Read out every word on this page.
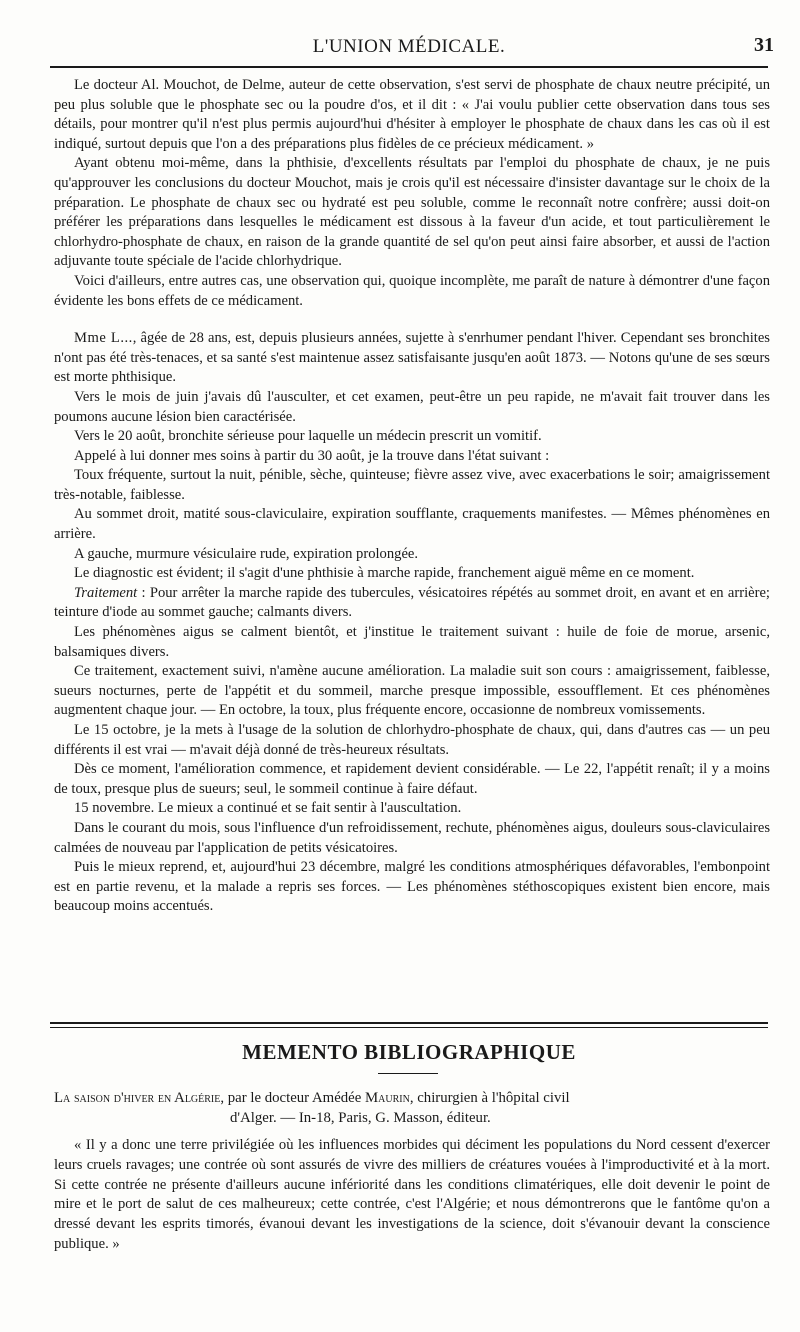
L'UNION MÉDICALE.	31

Le docteur Al. Mouchot, de Delme, auteur de cette observation, s'est servi de phosphate de chaux neutre précipité, un peu plus soluble que le phosphate sec ou la poudre d'os, et il dit : « J'ai voulu publier cette observation dans tous ses détails, pour montrer qu'il n'est plus permis aujourd'hui d'hésiter à employer le phosphate de chaux dans les cas où il est indiqué, surtout depuis que l'on a des préparations plus fidèles de ce précieux médicament. »

Ayant obtenu moi-même, dans la phthisie, d'excellents résultats par l'emploi du phosphate de chaux, je ne puis qu'approuver les conclusions du docteur Mouchot, mais je crois qu'il est nécessaire d'insister davantage sur le choix de la préparation. Le phosphate de chaux sec ou hydraté est peu soluble, comme le reconnaît notre confrère; aussi doit-on préférer les préparations dans lesquelles le médicament est dissous à la faveur d'un acide, et tout particulièrement le chlorhydro-phosphate de chaux, en raison de la grande quantité de sel qu'on peut ainsi faire absorber, et aussi de l'action adjuvante toute spéciale de l'acide chlorhydrique.

Voici d'ailleurs, entre autres cas, une observation qui, quoique incomplète, me paraît de nature à démontrer d'une façon évidente les bons effets de ce médicament.

Mme L..., âgée de 28 ans, est, depuis plusieurs années, sujette à s'enrhumer pendant l'hiver. Cependant ses bronchites n'ont pas été très-tenaces, et sa santé s'est maintenue assez satisfaisante jusqu'en août 1873. — Notons qu'une de ses sœurs est morte phthisique.

Vers le mois de juin j'avais dû l'ausculter, et cet examen, peut-être un peu rapide, ne m'avait fait trouver dans les poumons aucune lésion bien caractérisée.

Vers le 20 août, bronchite sérieuse pour laquelle un médecin prescrit un vomitif.

Appelé à lui donner mes soins à partir du 30 août, je la trouve dans l'état suivant :

Toux fréquente, surtout la nuit, pénible, sèche, quinteuse; fièvre assez vive, avec exacerbations le soir; amaigrissement très-notable, faiblesse.

Au sommet droit, matité sous-claviculaire, expiration soufflante, craquements manifestes. — Mêmes phénomènes en arrière.

A gauche, murmure vésiculaire rude, expiration prolongée.

Le diagnostic est évident; il s'agit d'une phthisie à marche rapide, franchement aiguë même en ce moment.

Traitement : Pour arrêter la marche rapide des tubercules, vésicatoires répétés au sommet droit, en avant et en arrière; teinture d'iode au sommet gauche; calmants divers.

Les phénomènes aigus se calment bientôt, et j'institue le traitement suivant : huile de foie de morue, arsenic, balsamiques divers.

Ce traitement, exactement suivi, n'amène aucune amélioration. La maladie suit son cours : amaigrissement, faiblesse, sueurs nocturnes, perte de l'appétit et du sommeil, marche presque impossible, essoufflement. Et ces phénomènes augmentent chaque jour. — En octobre, la toux, plus fréquente encore, occasionne de nombreux vomissements.

Le 15 octobre, je la mets à l'usage de la solution de chlorhydro-phosphate de chaux, qui, dans d'autres cas — un peu différents il est vrai — m'avait déjà donné de très-heureux résultats.

Dès ce moment, l'amélioration commence, et rapidement devient considérable. — Le 22, l'appétit renaît; il y a moins de toux, presque plus de sueurs; seul, le sommeil continue à faire défaut.

15 novembre. Le mieux a continué et se fait sentir à l'auscultation.

Dans le courant du mois, sous l'influence d'un refroidissement, rechute, phénomènes aigus, douleurs sous-claviculaires calmées de nouveau par l'application de petits vésicatoires.

Puis le mieux reprend, et, aujourd'hui 23 décembre, malgré les conditions atmosphériques défavorables, l'embonpoint est en partie revenu, et la malade a repris ses forces. — Les phénomènes stéthoscopiques existent bien encore, mais beaucoup moins accentués.

MEMENTO BIBLIOGRAPHIQUE
La saison d'hiver en Algérie, par le docteur Amédée Maurin, chirurgien à l'hôpital civil
d'Alger. — In-18, Paris, G. Masson, éditeur.

« Il y a donc une terre privilégiée où les influences morbides qui déciment les populations du Nord cessent d'exercer leurs cruels ravages; une contrée où sont assurés de vivre des milliers de créatures vouées à l'improductivité et à la mort. Si cette contrée ne présente d'ailleurs aucune infériorité dans les conditions climatériques, elle doit devenir le point de mire et le port de salut de ces malheureux; cette contrée, c'est l'Algérie; et nous démontrerons que le fantôme qu'on a dressé devant les esprits timorés, évanoui devant les investigations de la science, doit s'évanouir devant la conscience publique. »
